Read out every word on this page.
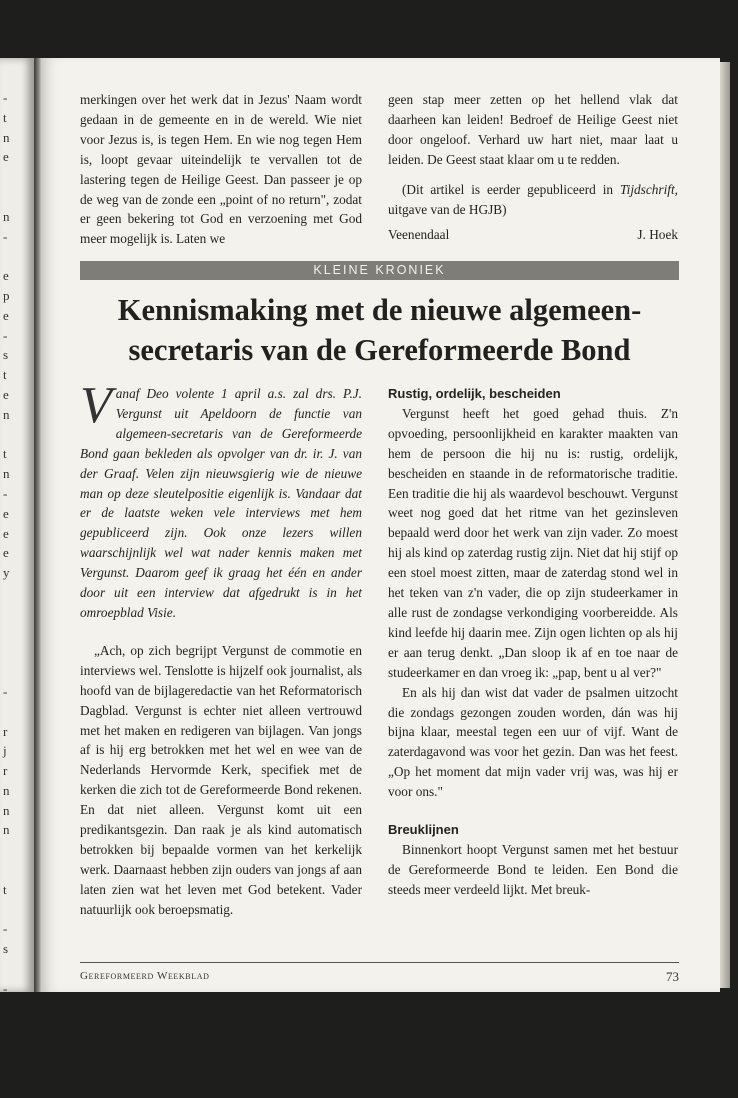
-
t
n
e
n
-
e
p
e
-
s
t
e
n
t
n
-
e
e
e
y
-
r
j
r
n
n
n
t
-
s
-

merkingen over het werk dat in Jezus' Naam wordt gedaan in de gemeente en in de wereld. Wie niet voor Jezus is, is tegen Hem. En wie nog tegen Hem is, loopt gevaar uiteindelijk te vervallen tot de lastering tegen de Heilige Geest. Dan passeer je op de weg van de zonde een „point of no return", zodat er geen bekering tot God en verzoening met God meer mogelijk is. Laten we

geen stap meer zetten op het hellend vlak dat daarheen kan leiden! Bedroef de Heilige Geest niet door ongeloof. Verhard uw hart niet, maar laat u leiden. De Geest staat klaar om u te redden.

(Dit artikel is eerder gepubliceerd in Tijdschrift, uitgave van de HGJB)

Veenendaal	J. Hoek

KLEINE KRONIEK
Kennismaking met de nieuwe algemeen-secretaris van de Gereformeerde Bond

Vanaf Deo volente 1 april a.s. zal drs. P.J. Vergunst uit Apeldoorn de functie van algemeen-secretaris van de Gereformeerde Bond gaan bekleden als opvolger van dr. ir. J. van der Graaf. Velen zijn nieuwsgierig wie de nieuwe man op deze sleutelpositie eigenlijk is. Vandaar dat er de laatste weken vele interviews met hem gepubliceerd zijn. Ook onze lezers willen waarschijnlijk wel wat nader kennis maken met Vergunst. Daarom geef ik graag het één en ander door uit een interview dat afgedrukt is in het omroepblad Visie.

„Ach, op zich begrijpt Vergunst de commotie en interviews wel. Tenslotte is hijzelf ook journalist, als hoofd van de bijlageredactie van het Reformatorisch Dagblad. Vergunst is echter niet alleen vertrouwd met het maken en redigeren van bijlagen. Van jongs af is hij erg betrokken met het wel en wee van de Nederlands Hervormde Kerk, specifiek met de kerken die zich tot de Gereformeerde Bond rekenen. En dat niet alleen. Vergunst komt uit een predikantsgezin. Dan raak je als kind automatisch betrokken bij bepaalde vormen van het kerkelijk werk. Daarnaast hebben zijn ouders van jongs af aan laten zien wat het leven met God betekent. Vader natuurlijk ook beroepsmatig.

Rustig, ordelijk, bescheiden

Vergunst heeft het goed gehad thuis. Z'n opvoeding, persoonlijkheid en karakter maakten van hem de persoon die hij nu is: rustig, ordelijk, bescheiden en staande in de reformatorische traditie. Een traditie die hij als waardevol beschouwt. Vergunst weet nog goed dat het ritme van het gezinsleven bepaald werd door het werk van zijn vader. Zo moest hij als kind op zaterdag rustig zijn. Niet dat hij stijf op een stoel moest zitten, maar de zaterdag stond wel in het teken van z'n vader, die op zijn studeerkamer in alle rust de zondagse verkondiging voorbereidde. Als kind leefde hij daarin mee. Zijn ogen lichten op als hij er aan terug denkt. „Dan sloop ik af en toe naar de studeerkamer en dan vroeg ik: „pap, bent u al ver?"

En als hij dan wist dat vader de psalmen uitzocht die zondags gezongen zouden worden, dán was hij bijna klaar, meestal tegen een uur of vijf. Want de zaterdagavond was voor het gezin. Dan was het feest. „Op het moment dat mijn vader vrij was, was hij er voor ons."

Breuklijnen

Binnenkort hoopt Vergunst samen met het bestuur de Gereformeerde Bond te leiden. Een Bond die steeds meer verdeeld lijkt. Met breuk-

Gereformeerd Weekblad	73
